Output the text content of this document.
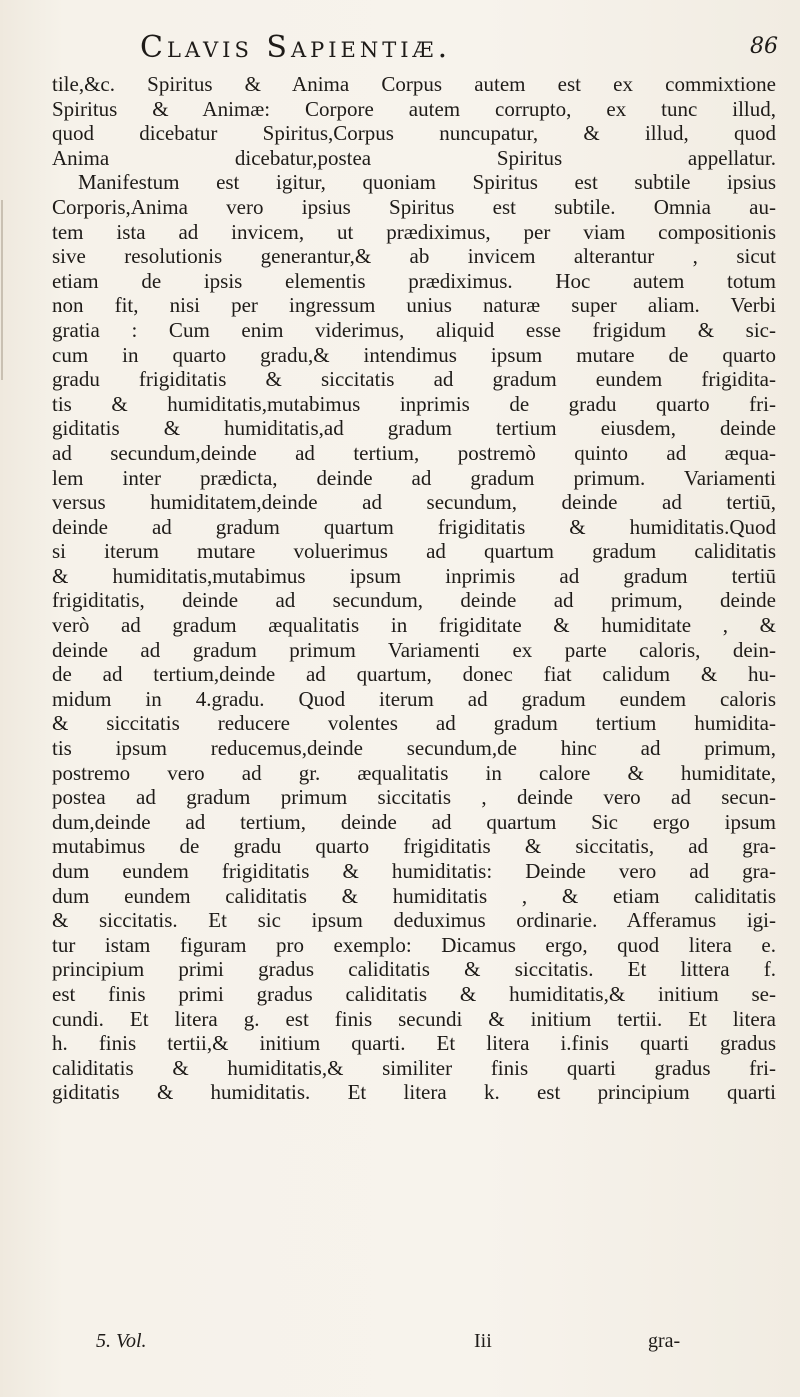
Clavis Sapientiæ.	86
tile,&c. Spiritus & Anima Corpus autem est ex commixtione
Spiritus & Animæ: Corpore autem corrupto, ex tunc illud,
quod dicebatur Spiritus,Corpus nuncupatur, & illud, quod
Anima dicebatur,postea Spiritus appellatur.
Manifestum est igitur, quoniam Spiritus est subtile ipsius
Corporis,Anima vero ipsius Spiritus est subtile. Omnia au-
tem ista ad invicem, ut prædiximus, per viam compositionis
sive resolutionis generantur,& ab invicem alterantur , sicut
etiam de ipsis elementis prædiximus. Hoc autem totum
non fit, nisi per ingressum unius naturæ super aliam. Verbi
gratia : Cum enim viderimus, aliquid esse frigidum & sic-
cum in quarto gradu,& intendimus ipsum mutare de quarto
gradu frigiditatis & siccitatis ad gradum eundem frigidita-
tis & humiditatis,mutabimus inprimis de gradu quarto fri-
giditatis & humiditatis,ad gradum tertium eiusdem, deinde
ad secundum,deinde ad tertium, postremò quinto ad æqua-
lem inter prædicta, deinde ad gradum primum. Variamenti
versus humiditatem,deinde ad secundum, deinde ad tertiū,
deinde ad gradum quartum frigiditatis & humiditatis.Quod
si iterum mutare voluerimus ad quartum gradum caliditatis
& humiditatis,mutabimus ipsum inprimis ad gradum tertiū
frigiditatis, deinde ad secundum, deinde ad primum, deinde
verò ad gradum æqualitatis in frigiditate & humiditate , &
deinde ad gradum primum Variamenti ex parte caloris, dein-
de ad tertium,deinde ad quartum, donec fiat calidum & hu-
midum in 4.gradu. Quod iterum ad gradum eundem caloris
& siccitatis reducere volentes ad gradum tertium humidita-
tis ipsum reducemus,deinde secundum,de hinc ad primum,
postremo vero ad gr. æqualitatis in calore & humiditate,
postea ad gradum primum siccitatis , deinde vero ad secun-
dum,deinde ad tertium, deinde ad quartum Sic ergo ipsum
mutabimus de gradu quarto frigiditatis & siccitatis, ad gra-
dum eundem frigiditatis & humiditatis: Deinde vero ad gra-
dum eundem caliditatis & humiditatis , & etiam caliditatis
& siccitatis. Et sic ipsum deduximus ordinarie. Afferamus igi-
tur istam figuram pro exemplo: Dicamus ergo, quod litera e.
principium primi gradus caliditatis & siccitatis. Et littera f.
est finis primi gradus caliditatis & humiditatis,& initium se-
cundi. Et litera g. est finis secundi & initium tertii. Et litera
h. finis tertii,& initium quarti. Et litera i.finis quarti gradus
caliditatis & humiditatis,& similiter finis quarti gradus fri-
giditatis & humiditatis. Et litera k. est principium quarti
5. Vol.	Iii	gra-
